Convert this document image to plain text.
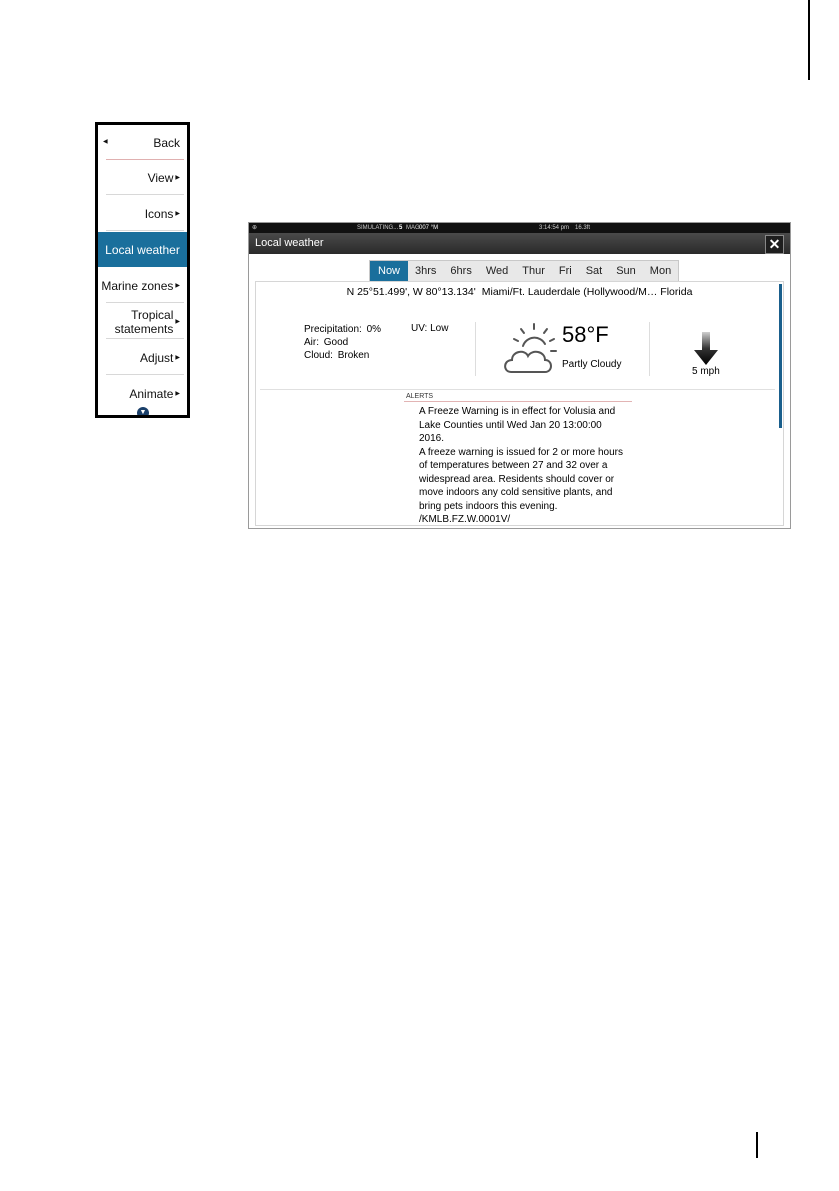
◀	Back
View ▶
Icons ▶
Local weather
Marine zones ▶
Tropical
statements ▶
Adjust ▶
Animate ▶
▼
⊕	SIMULATING... 5 MAG 007 °M	3:14:54 pm 16.3ft
Local weather	✕
Now	3hrs	6hrs	Wed	Thur	Fri	Sat	Sun	Mon
N 25°51.499', W 80°13.134' Miami/Ft. Lauderdale (Hollywood/M… Florida
Precipitation: 0%
Air: Good
Cloud: Broken
UV: Low	58°F
Partly Cloudy
5 mph
ALERTS
A Freeze Warning is in effect for Volusia and
Lake Counties until Wed Jan 20 13:00:00
2016.
A freeze warning is issued for 2 or more hours
of temperatures between 27 and 32 over a
widespread area. Residents should cover or
move indoors any cold sensitive plants, and
bring pets indoors this evening.
/KMLB.FZ.W.0001V/
